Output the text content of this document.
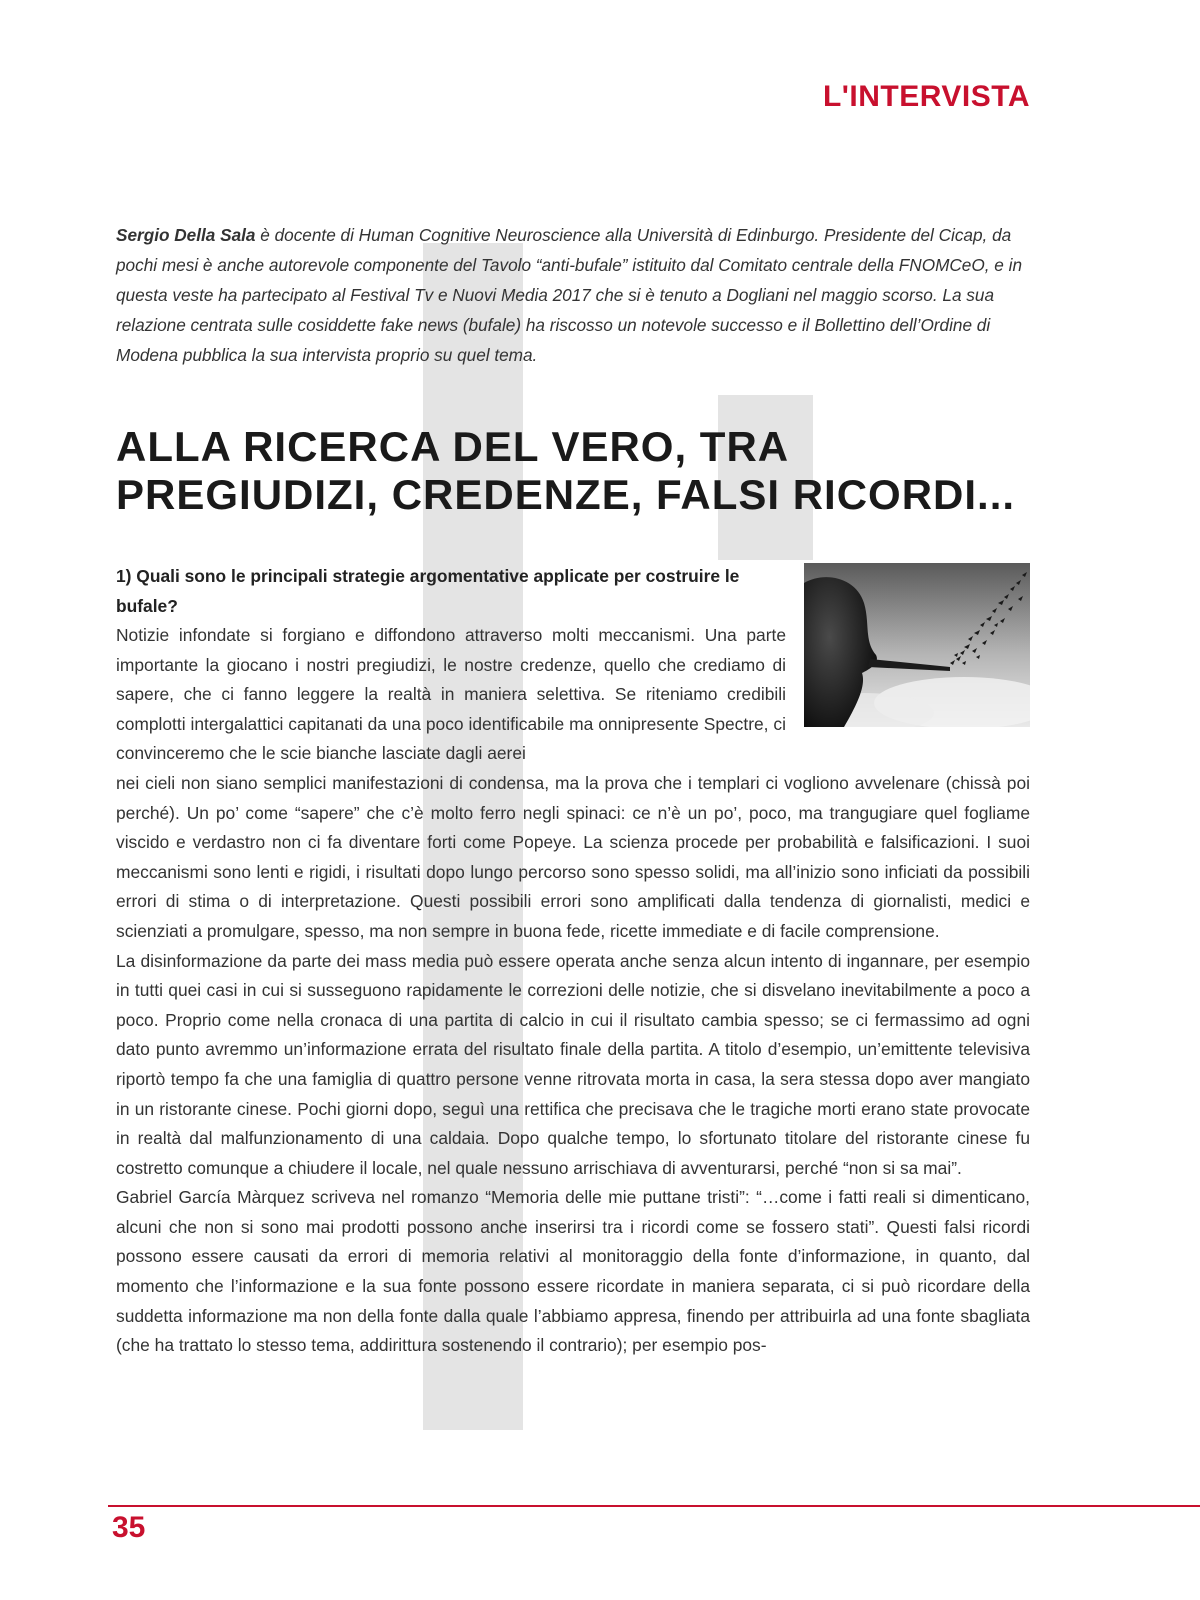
L'INTERVISTA

Sergio Della Sala è docente di Human Cognitive Neuroscience alla Università di Edinburgo. Presidente del Cicap, da pochi mesi è anche autorevole componente del Tavolo “anti-bufale” istituito dal Comitato centrale della FNOMCeO, e in questa veste ha partecipato al Festival Tv e Nuovi Media 2017 che si è tenuto a Dogliani nel maggio scorso. La sua relazione centrata sulle cosiddette fake news (bufale) ha riscosso un notevole successo e il Bollettino dell’Ordine di Modena pubblica la sua intervista proprio su quel tema.

ALLA RICERCA DEL VERO, TRA PREGIUDIZI, CREDENZE, FALSI RICORDI...

1) Quali sono le principali strategie argomentative applicate per costruire le bufale?

Notizie infondate si forgiano e diffondono attraverso molti meccanismi. Una parte importante la giocano i nostri pregiudizi, le nostre credenze, quello che crediamo di sapere, che ci fanno leggere la realtà in maniera selettiva. Se riteniamo credibili complotti intergalattici capitanati da una poco identificabile ma onnipresente Spectre, ci convinceremo che le scie bianche lasciate dagli aerei

nei cieli non siano semplici manifestazioni di condensa, ma la prova che i templari ci vogliono avvelenare (chissà poi perché). Un po’ come “sapere” che c’è molto ferro negli spinaci: ce n’è un po’, poco, ma trangugiare quel fogliame viscido e verdastro non ci fa diventare forti come Popeye. La scienza procede per probabilità e falsificazioni. I suoi meccanismi sono lenti e rigidi, i risultati dopo lungo percorso sono spesso solidi, ma all’inizio sono inficiati da possibili errori di stima o di interpretazione. Questi possibili errori sono amplificati dalla tendenza di giornalisti, medici e scienziati a promulgare, spesso, ma non sempre in buona fede, ricette immediate e di facile comprensione.

La disinformazione da parte dei mass media può essere operata anche senza alcun intento di ingannare, per esempio in tutti quei casi in cui si susseguono rapidamente le correzioni delle notizie, che si disvelano inevitabilmente a poco a poco. Proprio come nella cronaca di una partita di calcio in cui il risultato cambia spesso; se ci fermassimo ad ogni dato punto avremmo un’informazione errata del risultato finale della partita. A titolo d’esempio, un’emittente televisiva riportò tempo fa che una famiglia di quattro persone venne ritrovata morta in casa, la sera stessa dopo aver mangiato in un ristorante cinese. Pochi giorni dopo, seguì una rettifica che precisava che le tragiche morti erano state provocate in realtà dal malfunzionamento di una caldaia. Dopo qualche tempo, lo sfortunato titolare del ristorante cinese fu costretto comunque a chiudere il locale, nel quale nessuno arrischiava di avventurarsi, perché “non si sa mai”.

Gabriel García Màrquez scriveva nel romanzo “Memoria delle mie puttane tristi”: “…come i fatti reali si dimenticano, alcuni che non si sono mai prodotti possono anche inserirsi tra i ricordi come se fossero stati”. Questi falsi ricordi possono essere causati da errori di memoria relativi al monitoraggio della fonte d’informazione, in quanto, dal momento che l’informazione e la sua fonte possono essere ricordate in maniera separata, ci si può ricordare della suddetta informazione ma non della fonte dalla quale l’abbiamo appresa, finendo per attribuirla ad una fonte sbagliata (che ha trattato lo stesso tema, addirittura sostenendo il contrario); per esempio pos-

35
